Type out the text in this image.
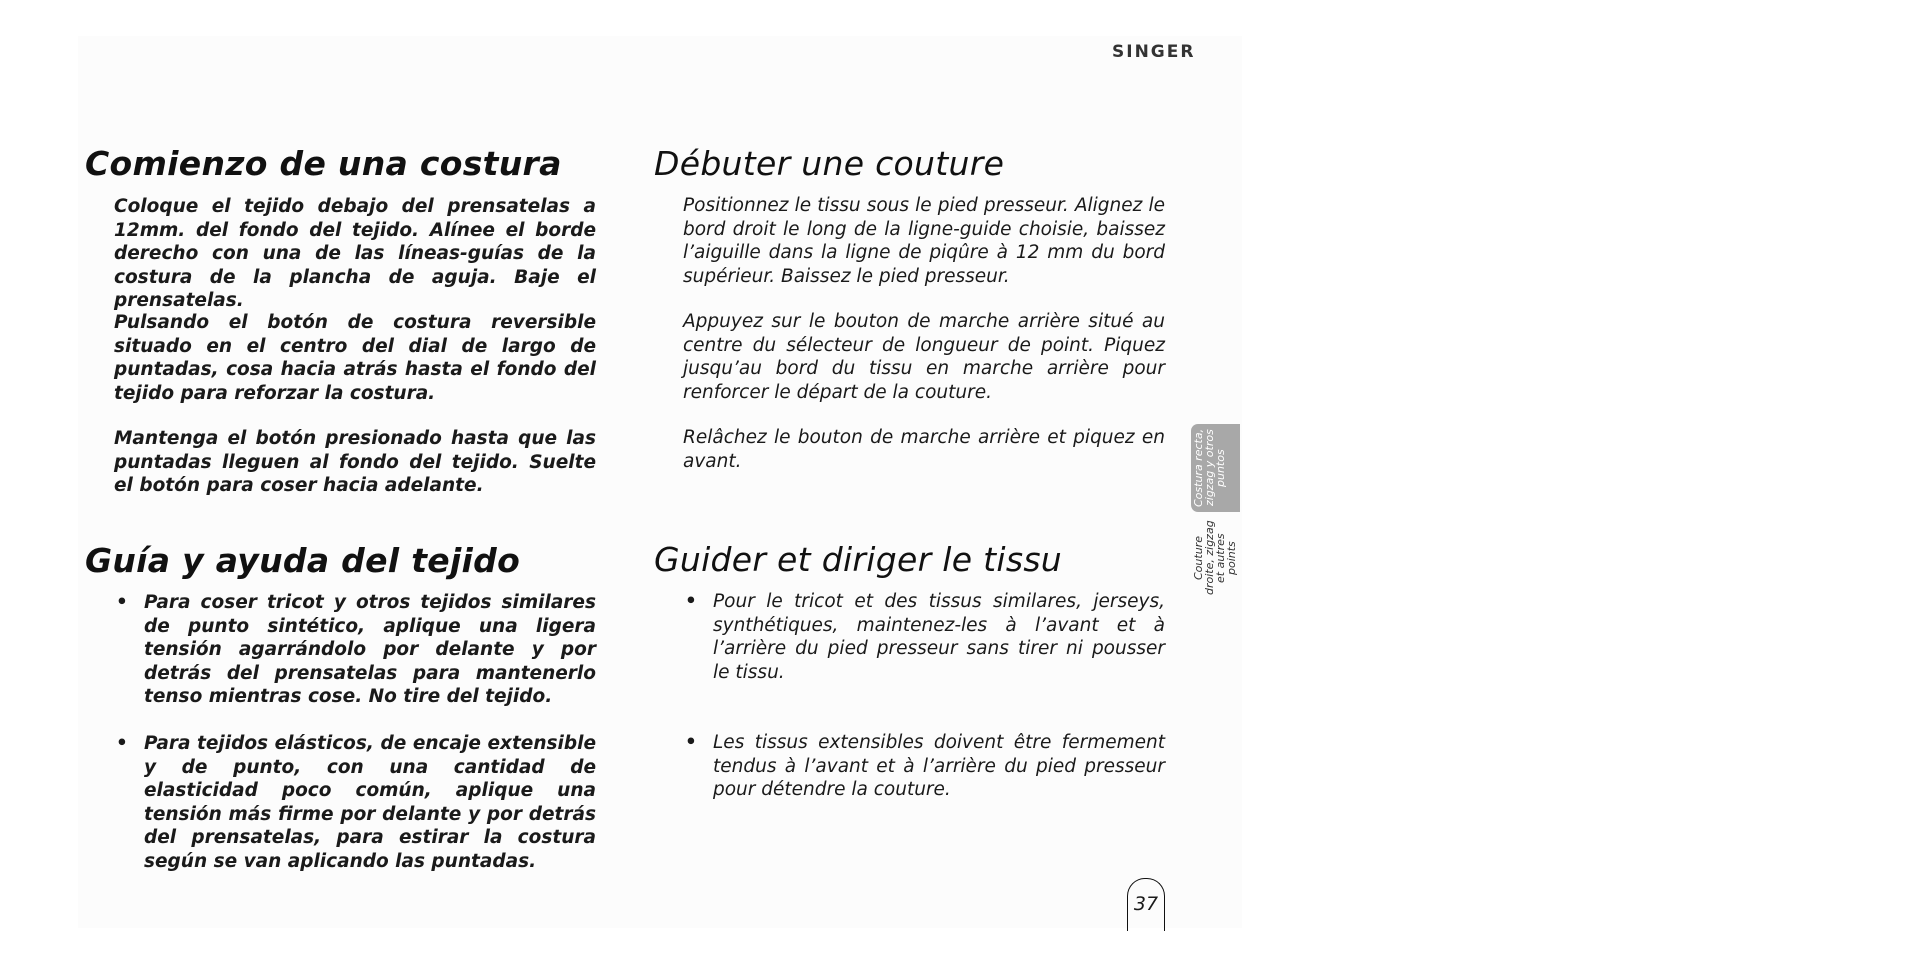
SINGER
Comienzo de una costura
Coloque el tejido debajo del prensatelas a 12mm. del fondo del tejido. Alínee el borde derecho con una de las líneas-guías de la costura de la plancha de aguja. Baje el prensatelas.
Pulsando el botón de costura reversible situado en el centro del dial de largo de puntadas, cosa hacia atrás hasta el fondo del tejido para reforzar la costura.
Mantenga el botón presionado hasta que las puntadas lleguen al fondo del tejido. Suelte el botón para coser hacia adelante.
Guía y ayuda del tejido
• Para coser tricot y otros tejidos similares de punto sintético, aplique una ligera tensión agarrándolo por delante y por detrás del prensatelas para mantenerlo tenso mientras cose. No tire del tejido.
• Para tejidos elásticos, de encaje extensible y de punto, con una cantidad de elasticidad poco común, aplique una tensión más firme por delante y por detrás del prensatelas, para estirar la costura según se van aplicando las puntadas.
Débuter une couture
Positionnez le tissu sous le pied presseur. Alignez le bord droit le long de la ligne-guide choisie, baissez l’aiguille dans la ligne de piqûre à 12 mm du bord supérieur. Baissez le pied presseur.
Appuyez sur le bouton de marche arrière situé au centre du sélecteur de longueur de point. Piquez jusqu’au bord du tissu en marche arrière pour renforcer le départ de la couture.
Relâchez le bouton de marche arrière et piquez en avant.
Guider et diriger le tissu
• Pour le tricot et des tissus similares, jerseys, synthétiques, maintenez-les à l’avant et à l’arrière du pied presseur sans tirer ni pousser le tissu.
• Les tissus extensibles doivent être fermement tendus à l’avant et à l’arrière du pied presseur pour détendre la couture.
Costura recta, zigzag y otros puntos
Couture droite, zigzag et autres points
37
